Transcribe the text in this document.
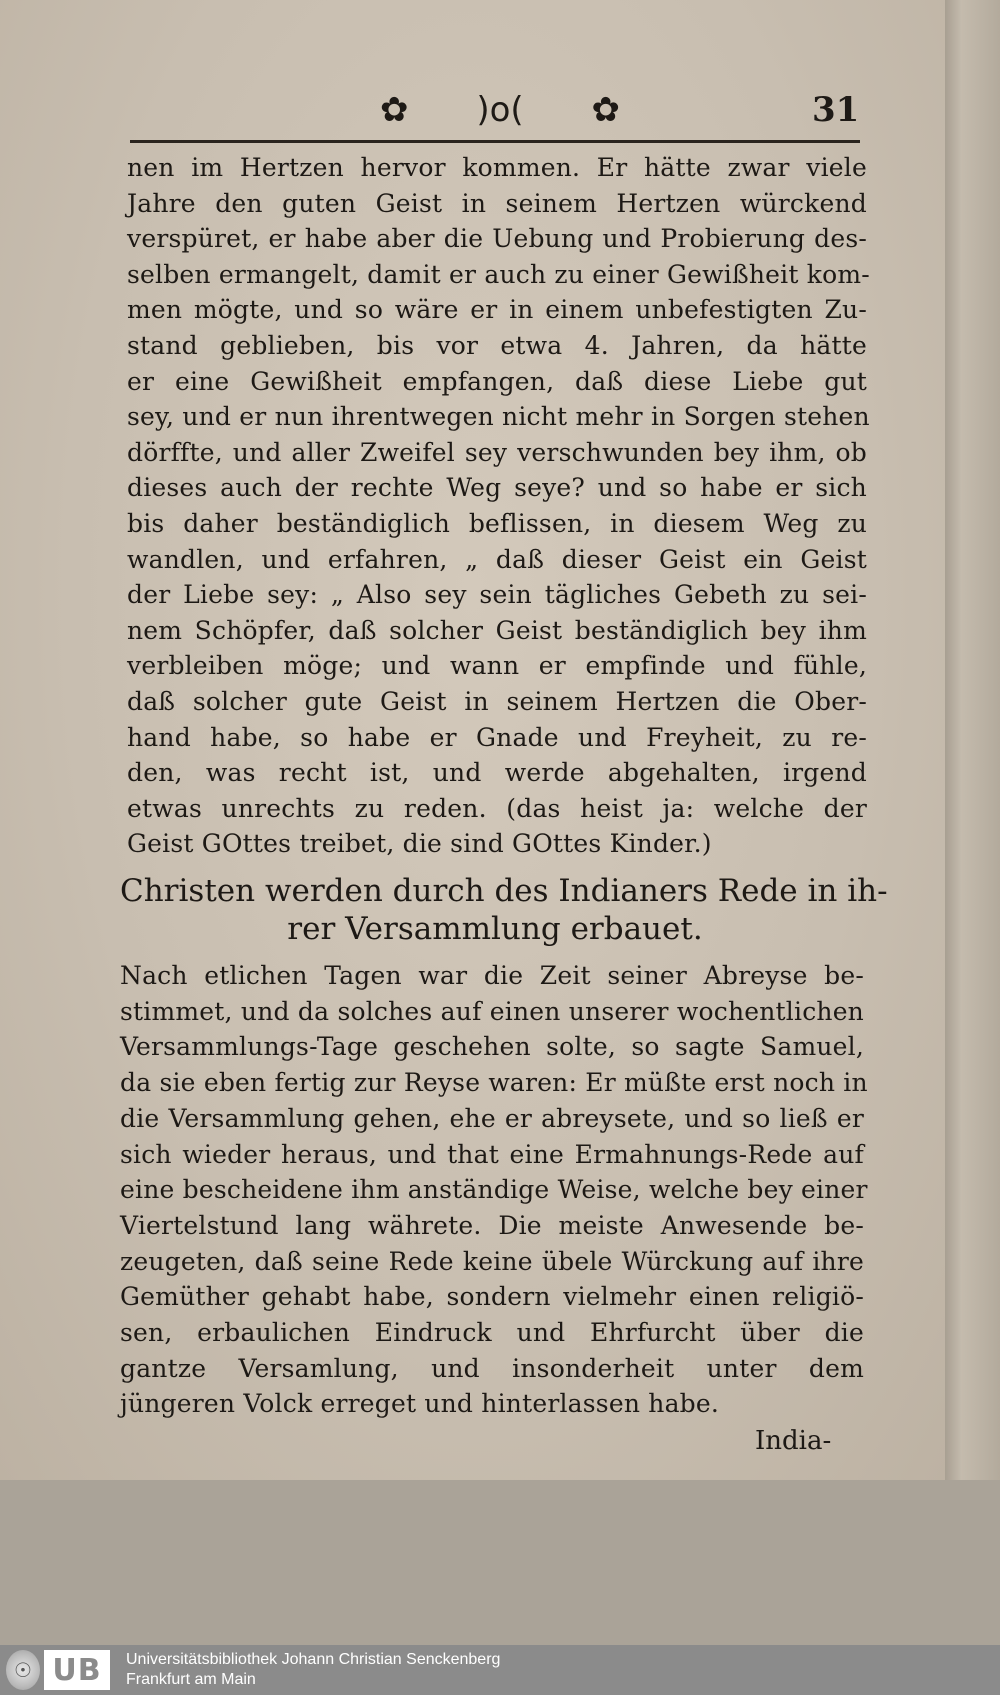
✿ )o( ✿	31
nen im Hertzen hervor kommen. Er hätte zwar viele
Jahre den guten Geist in seinem Hertzen würckend
verspüret, er habe aber die Uebung und Probierung des-
selben ermangelt, damit er auch zu einer Gewißheit kom-
men mögte, und so wäre er in einem unbefestigten Zu-
stand geblieben, bis vor etwa 4. Jahren, da hätte
er eine Gewißheit empfangen, daß diese Liebe gut
sey, und er nun ihrentwegen nicht mehr in Sorgen stehen
dörffte, und aller Zweifel sey verschwunden bey ihm, ob
dieses auch der rechte Weg seye? und so habe er sich
bis daher beständiglich beflissen, in diesem Weg zu
wandlen, und erfahren, „ daß dieser Geist ein Geist
der Liebe sey: „ Also sey sein tägliches Gebeth zu sei-
nem Schöpfer, daß solcher Geist beständiglich bey ihm
verbleiben möge; und wann er empfinde und fühle,
daß solcher gute Geist in seinem Hertzen die Ober-
hand habe, so habe er Gnade und Freyheit, zu re-
den, was recht ist, und werde abgehalten, irgend
etwas unrechts zu reden. (das heist ja: welche der
Geist GOttes treibet, die sind GOttes Kinder.)
Christen werden durch des Indianers Rede in ih-
rer Versammlung erbauet.
Nach etlichen Tagen war die Zeit seiner Abreyse be-
stimmet, und da solches auf einen unserer wochentlichen
Versammlungs-Tage geschehen solte, so sagte Samuel,
da sie eben fertig zur Reyse waren: Er müßte erst noch in
die Versammlung gehen, ehe er abreysete, und so ließ er
sich wieder heraus, und that eine Ermahnungs-Rede auf
eine bescheidene ihm anständige Weise, welche bey einer
Viertelstund lang währete. Die meiste Anwesende be-
zeugeten, daß seine Rede keine übele Würckung auf ihre
Gemüther gehabt habe, sondern vielmehr einen religiö-
sen, erbaulichen Eindruck und Ehrfurcht über die
gantze Versamlung, und insonderheit unter dem
jüngeren Volck erreget und hinterlassen habe.
India-
☉ UB	Universitätsbibliothek Johann Christian Senckenberg
Frankfurt am Main
